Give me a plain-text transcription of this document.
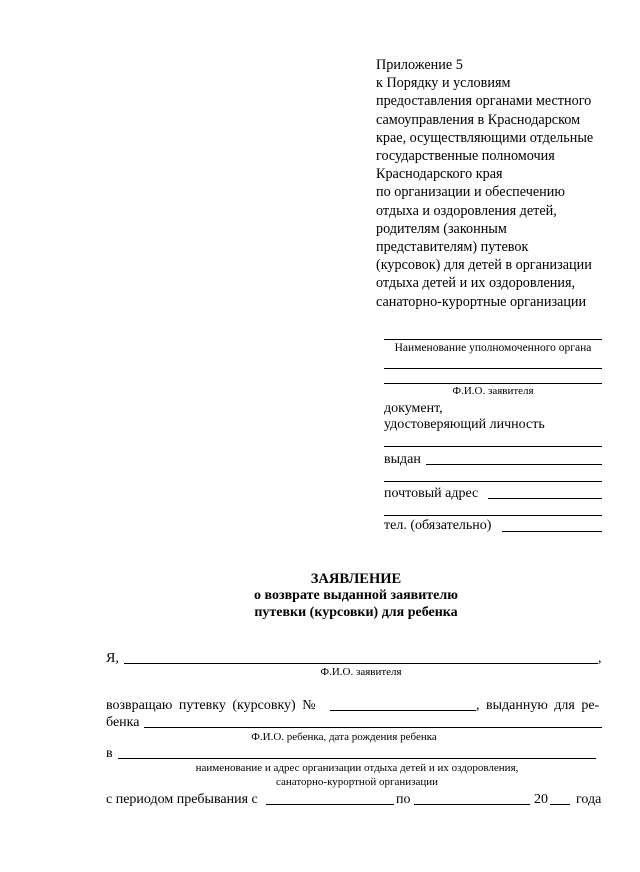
Приложение 5
к Порядку и условиям
предоставления органами местного
самоуправления в Краснодарском
крае, осуществляющими отдельные
государственные полномочия
Краснодарского края
по организации и обеспечению
отдыха и оздоровления детей,
родителям (законным
представителям) путевок
(курсовок) для детей в организации
отдыха детей и их оздоровления,
санаторно-курортные организации
Наименование уполномоченного органа
Ф.И.О. заявителя
документ,
удостоверяющий личность
выдан
почтовый адрес
тел. (обязательно)
ЗАЯВЛЕНИЕ
о возврате выданной заявителю
путевки (курсовки) для ребенка
Я,	,
Ф.И.О. заявителя
возвращаю путевку (курсовку) №	, выданную для ре-
бенка
Ф.И.О. ребенка, дата рождения ребенка
в
наименование и адрес организации отдыха детей и их оздоровления,
санаторно-курортной организации
с периодом пребывания с	по	20 года
